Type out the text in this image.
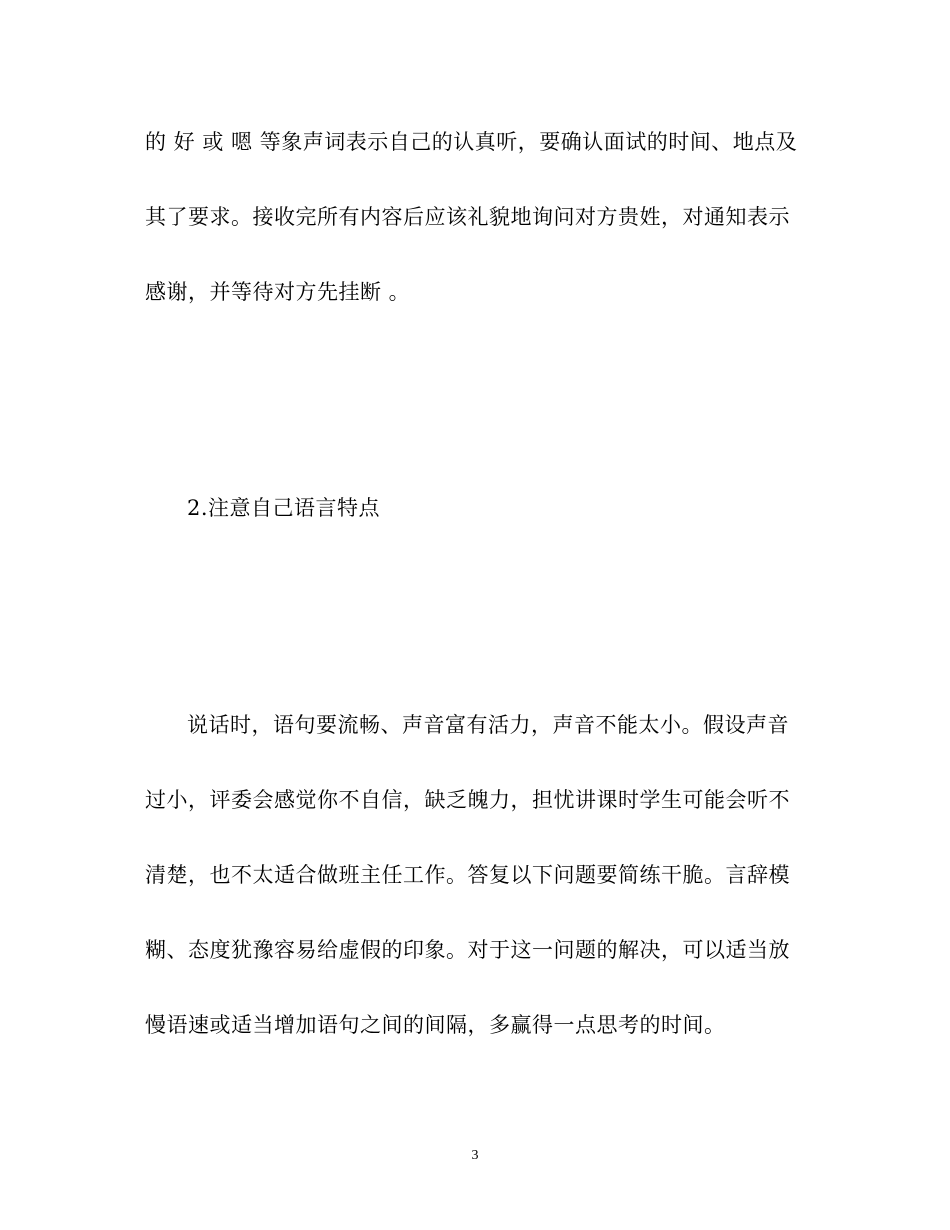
的 好 或 嗯 等象声词表示自己的认真听，要确认面试的时间、地点及
其了要求。接收完所有内容后应该礼貌地询问对方贵姓，对通知表示
感谢，并等待对方先挂断 。
2.注意自己语言特点
说话时，语句要流畅、声音富有活力，声音不能太小。假设声音
过小，评委会感觉你不自信，缺乏魄力，担忧讲课时学生可能会听不
清楚，也不太适合做班主任工作。答复以下问题要简练干脆。言辞模
糊、态度犹豫容易给虚假的印象。对于这一问题的解决，可以适当放
慢语速或适当增加语句之间的间隔，多赢得一点思考的时间。
3
